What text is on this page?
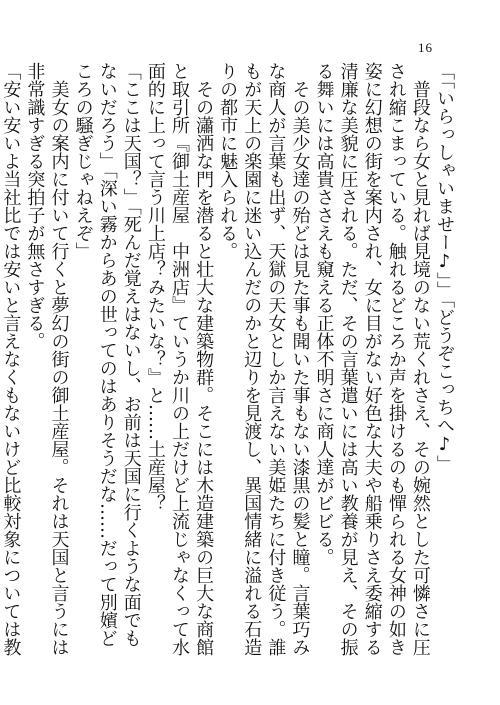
16

「「いらっしゃいませー♪」」「どうぞこっちへ♪」

　普段なら女と見れば見境のない荒くれさえ、その婉然とした可憐さに圧され縮こまっている。触れるどころか声を掛けるのも憚られる女神の如き姿に幻想の街を案内され、女に目がない好色な大夫や船乗りさえ委縮する清廉な美貌に圧される。ただ、その言葉遣いには高い教養が見え、その振る舞いには高貴ささえも窺える正体不明さに商人達がビビる。

　その美少女達の殆どは見た事も聞いた事もない漆黒の髪と瞳。言葉巧みな商人が言葉も出ず、天獄の天女としか言えない美姫たちに付き従う。誰もが天上の楽園に迷い込んだのかと辺りを見渡し、異国情緒に溢れる石造りの都市に魅入られる。

　その瀟洒な門を潜ると壮大な建築物群。そこには木造建築の巨大な商館と取引所『御土産屋　中洲店』ていうか川の上だけど上流じゃなくって水面的に上って言う川上店？みたいな？』と……土産屋？

「ここは天国？」「死んだ覚えはないし、お前は天国に行くような面でもないだろう」「深い霧からあの世ってのはありそうだな……だって別嬪どころの騒ぎじゃねえぞ」

　美女の案内に付いて行くと夢幻の街の御土産屋。それは天国と言うには非常識すぎる突拍子が無さすぎる。

「安い安いよ当社比では安いと言えなくもないけど比較対象については教　
